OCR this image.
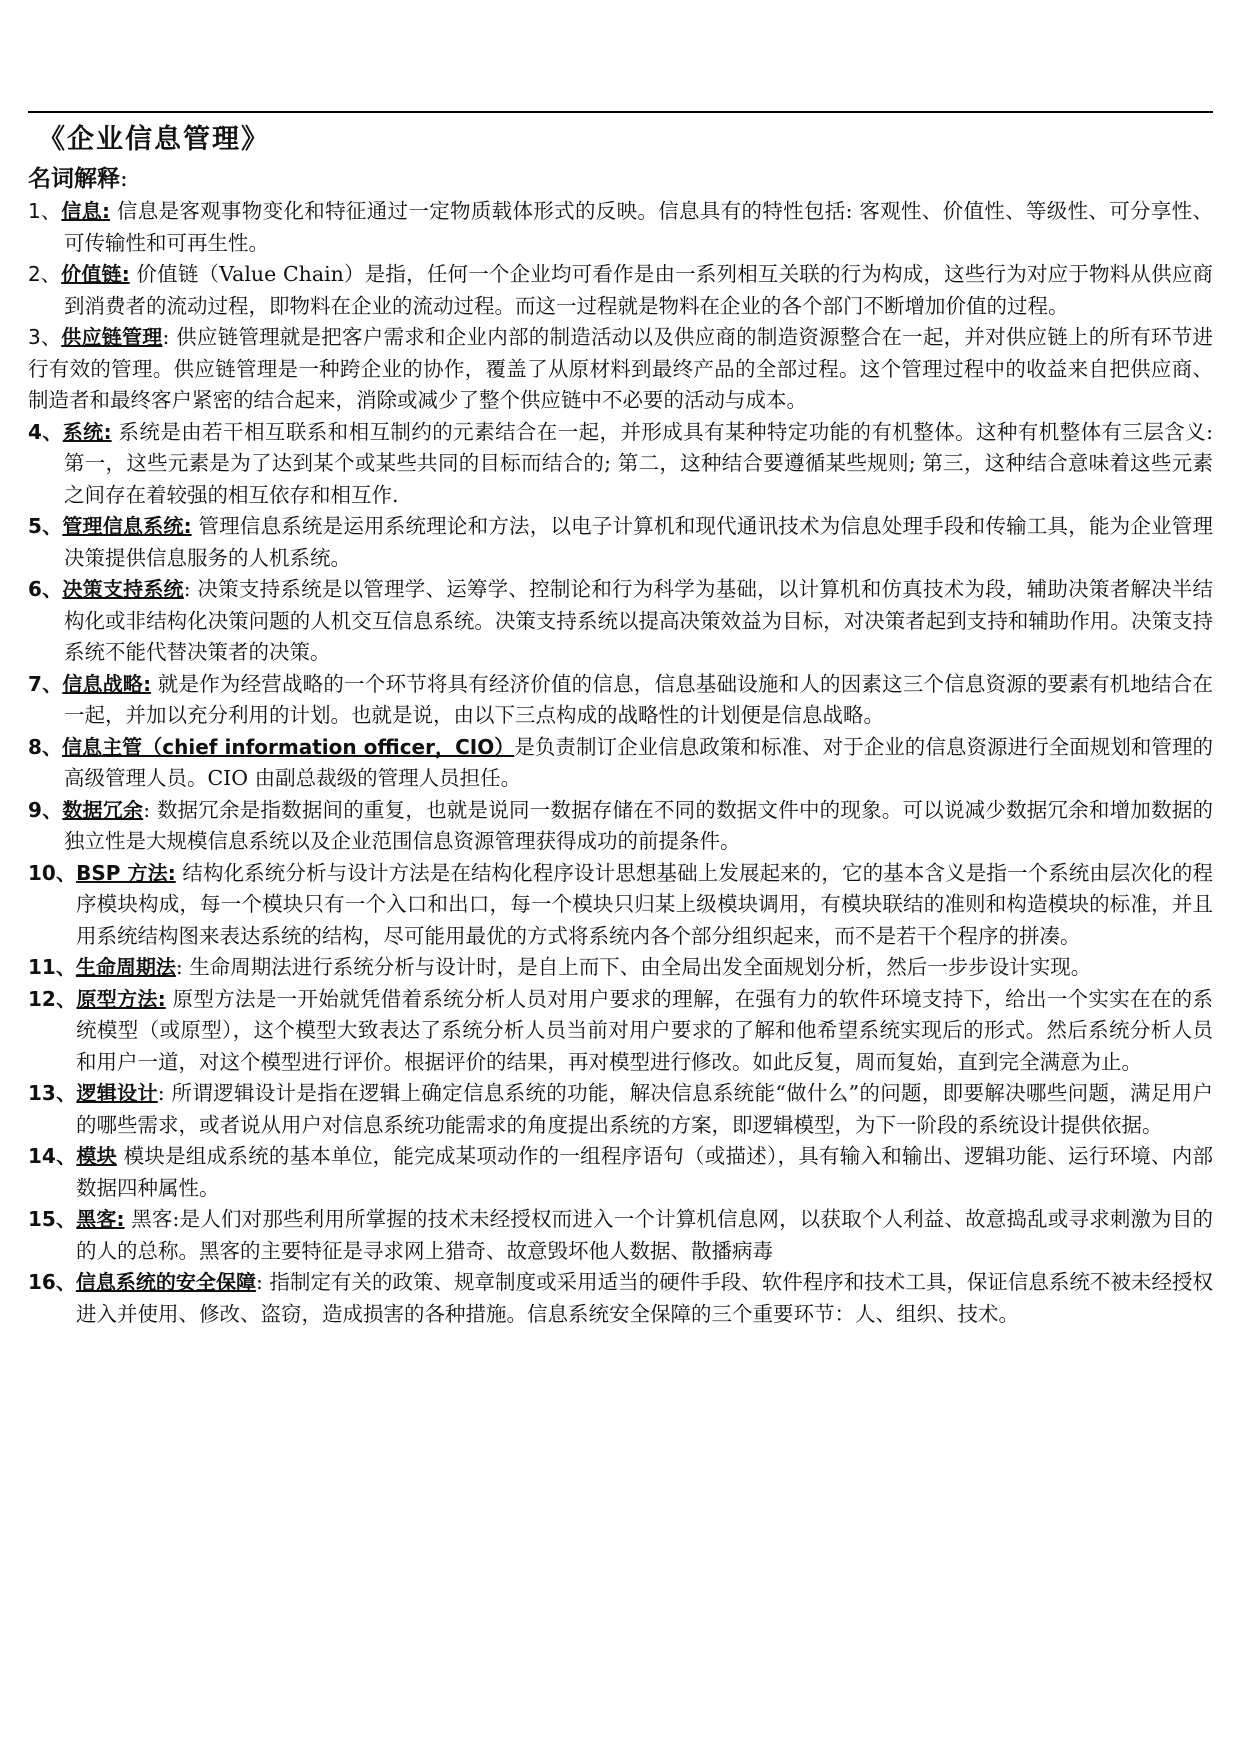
《企业信息管理》
名词解释:
1、信息: 信息是客观事物变化和特征通过一定物质载体形式的反映。信息具有的特性包括: 客观性、价值性、等级性、可分享性、可传输性和可再生性。
2、价值链: 价值链（Value Chain）是指，任何一个企业均可看作是由一系列相互关联的行为构成，这些行为对应于物料从供应商到消费者的流动过程，即物料在企业的流动过程。而这一过程就是物料在企业的各个部门不断增加价值的过程。
3、供应链管理: 供应链管理就是把客户需求和企业内部的制造活动以及供应商的制造资源整合在一起，并对供应链上的所有环节进行有效的管理。供应链管理是一种跨企业的协作，覆盖了从原材料到最终产品的全部过程。这个管理过程中的收益来自把供应商、制造者和最终客户紧密的结合起来，消除或减少了整个供应链中不必要的活动与成本。
4、系统: 系统是由若干相互联系和相互制约的元素结合在一起，并形成具有某种特定功能的有机整体。这种有机整体有三层含义: 第一，这些元素是为了达到某个或某些共同的目标而结合的; 第二，这种结合要遵循某些规则; 第三，这种结合意味着这些元素之间存在着较强的相互依存和相互作.
5、管理信息系统: 管理信息系统是运用系统理论和方法，以电子计算机和现代通讯技术为信息处理手段和传输工具，能为企业管理决策提供信息服务的人机系统。
6、决策支持系统: 决策支持系统是以管理学、运筹学、控制论和行为科学为基础，以计算机和仿真技术为段，辅助决策者解决半结构化或非结构化决策问题的人机交互信息系统。决策支持系统以提高决策效益为目标，对决策者起到支持和辅助作用。决策支持系统不能代替决策者的决策。
7、信息战略: 就是作为经营战略的一个环节将具有经济价值的信息，信息基础设施和人的因素这三个信息资源的要素有机地结合在一起，并加以充分利用的计划。也就是说，由以下三点构成的战略性的计划便是信息战略。
8、信息主管（chief information officer，CIO）是负责制订企业信息政策和标准、对于企业的信息资源进行全面规划和管理的高级管理人员。CIO 由副总裁级的管理人员担任。
9、数据冗余: 数据冗余是指数据间的重复，也就是说同一数据存储在不同的数据文件中的现象。可以说减少数据冗余和增加数据的独立性是大规模信息系统以及企业范围信息资源管理获得成功的前提条件。
10、BSP 方法: 结构化系统分析与设计方法是在结构化程序设计思想基础上发展起来的，它的基本含义是指一个系统由层次化的程序模块构成，每一个模块只有一个入口和出口，每一个模块只归某上级模块调用，有模块联结的准则和构造模块的标准，并且用系统结构图来表达系统的结构，尽可能用最优的方式将系统内各个部分组织起来，而不是若干个程序的拼凑。
11、生命周期法: 生命周期法进行系统分析与设计时，是自上而下、由全局出发全面规划分析，然后一步步设计实现。
12、原型方法: 原型方法是一开始就凭借着系统分析人员对用户要求的理解，在强有力的软件环境支持下，给出一个实实在在的系统模型（或原型），这个模型大致表达了系统分析人员当前对用户要求的了解和他希望系统实现后的形式。然后系统分析人员和用户一道，对这个模型进行评价。根据评价的结果，再对模型进行修改。如此反复，周而复始，直到完全满意为止。
13、逻辑设计: 所谓逻辑设计是指在逻辑上确定信息系统的功能，解决信息系统能“做什么”的问题，即要解决哪些问题，满足用户的哪些需求，或者说从用户对信息系统功能需求的角度提出系统的方案，即逻辑模型，为下一阶段的系统设计提供依据。
14、模块 模块是组成系统的基本单位，能完成某项动作的一组程序语句（或描述），具有输入和输出、逻辑功能、运行环境、内部数据四种属性。
15、黑客: 黑客:是人们对那些利用所掌握的技术未经授权而进入一个计算机信息网，以获取个人利益、故意捣乱或寻求刺激为目的的人的总称。黑客的主要特征是寻求网上猎奇、故意毁坏他人数据、散播病毒
16、信息系统的安全保障: 指制定有关的政策、规章制度或采用适当的硬件手段、软件程序和技术工具，保证信息系统不被未经授权进入并使用、修改、盗窃，造成损害的各种措施。信息系统安全保障的三个重要环节：人、组织、技术。
